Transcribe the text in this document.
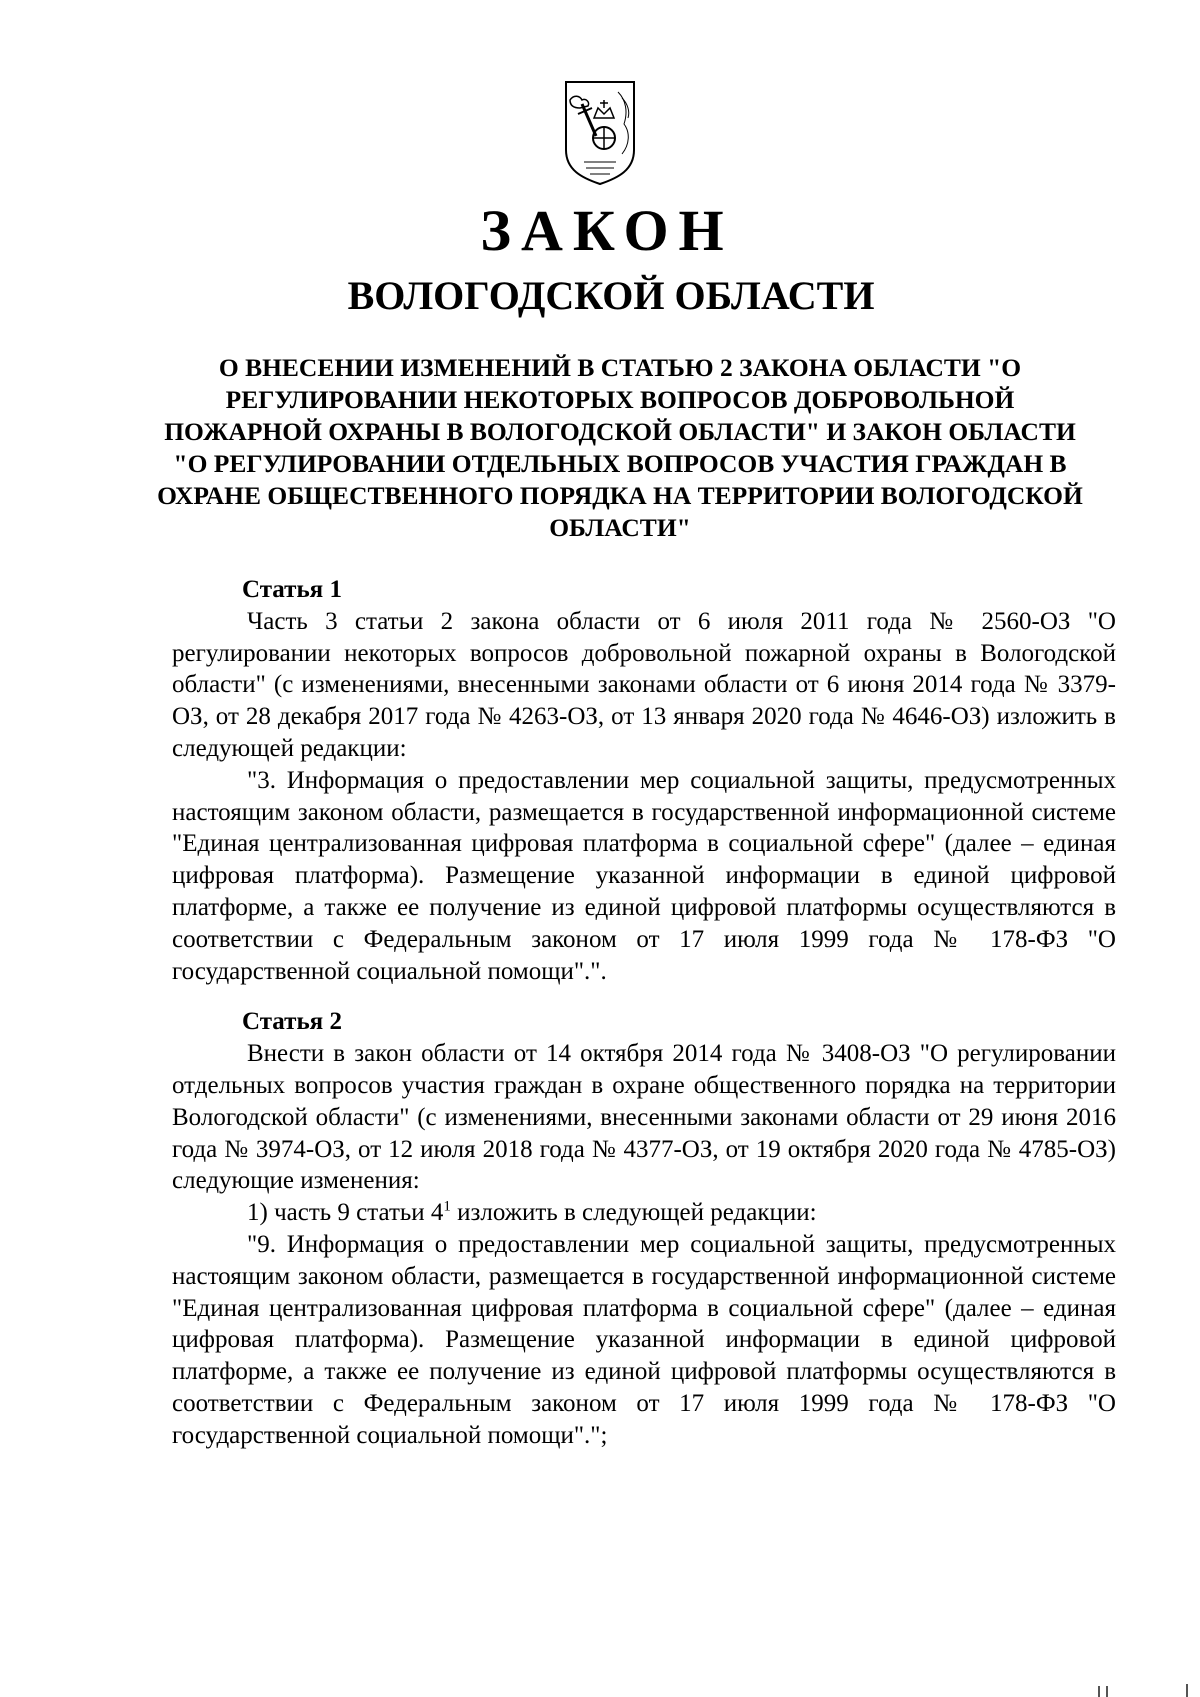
ЗАКОН
ВОЛОГОДСКОЙ ОБЛАСТИ
О ВНЕСЕНИИ ИЗМЕНЕНИЙ В СТАТЬЮ 2 ЗАКОНА ОБЛАСТИ "О РЕГУЛИРОВАНИИ НЕКОТОРЫХ ВОПРОСОВ ДОБРОВОЛЬНОЙ ПОЖАРНОЙ ОХРАНЫ В ВОЛОГОДСКОЙ ОБЛАСТИ" И ЗАКОН ОБЛАСТИ "О РЕГУЛИРОВАНИИ ОТДЕЛЬНЫХ ВОПРОСОВ УЧАСТИЯ ГРАЖДАН В ОХРАНЕ ОБЩЕСТВЕННОГО ПОРЯДКА НА ТЕРРИТОРИИ ВОЛОГОДСКОЙ ОБЛАСТИ"

Статья 1

Часть 3 статьи 2 закона области от 6 июля 2011 года № 2560-ОЗ "О регулировании некоторых вопросов добровольной пожарной охраны в Вологодской области" (с изменениями, внесенными законами области от 6 июня 2014 года № 3379-ОЗ, от 28 декабря 2017 года № 4263-ОЗ, от 13 января 2020 года № 4646-ОЗ) изложить в следующей редакции:

"3. Информация о предоставлении мер социальной защиты, предусмотренных настоящим законом области, размещается в государственной информационной системе "Единая централизованная цифровая платформа в социальной сфере" (далее – единая цифровая платформа). Размещение указанной информации в единой цифровой платформе, а также ее получение из единой цифровой платформы осуществляются в соответствии с Федеральным законом от 17 июля 1999 года № 178-ФЗ "О государственной социальной помощи".".

Статья 2

Внести в закон области от 14 октября 2014 года № 3408-ОЗ "О регулировании отдельных вопросов участия граждан в охране общественного порядка на территории Вологодской области" (с изменениями, внесенными законами области от 29 июня 2016 года № 3974-ОЗ, от 12 июля 2018 года № 4377-ОЗ, от 19 октября 2020 года № 4785-ОЗ) следующие изменения:

1) часть 9 статьи $4^1$ изложить в следующей редакции:

"9. Информация о предоставлении мер социальной защиты, предусмотренных настоящим законом области, размещается в государственной информационной системе "Единая централизованная цифровая платформа в социальной сфере" (далее – единая цифровая платформа). Размещение указанной информации в единой цифровой платформе, а также ее получение из единой цифровой платформы осуществляются в соответствии с Федеральным законом от 17 июля 1999 года № 178-ФЗ "О государственной социальной помощи".";
